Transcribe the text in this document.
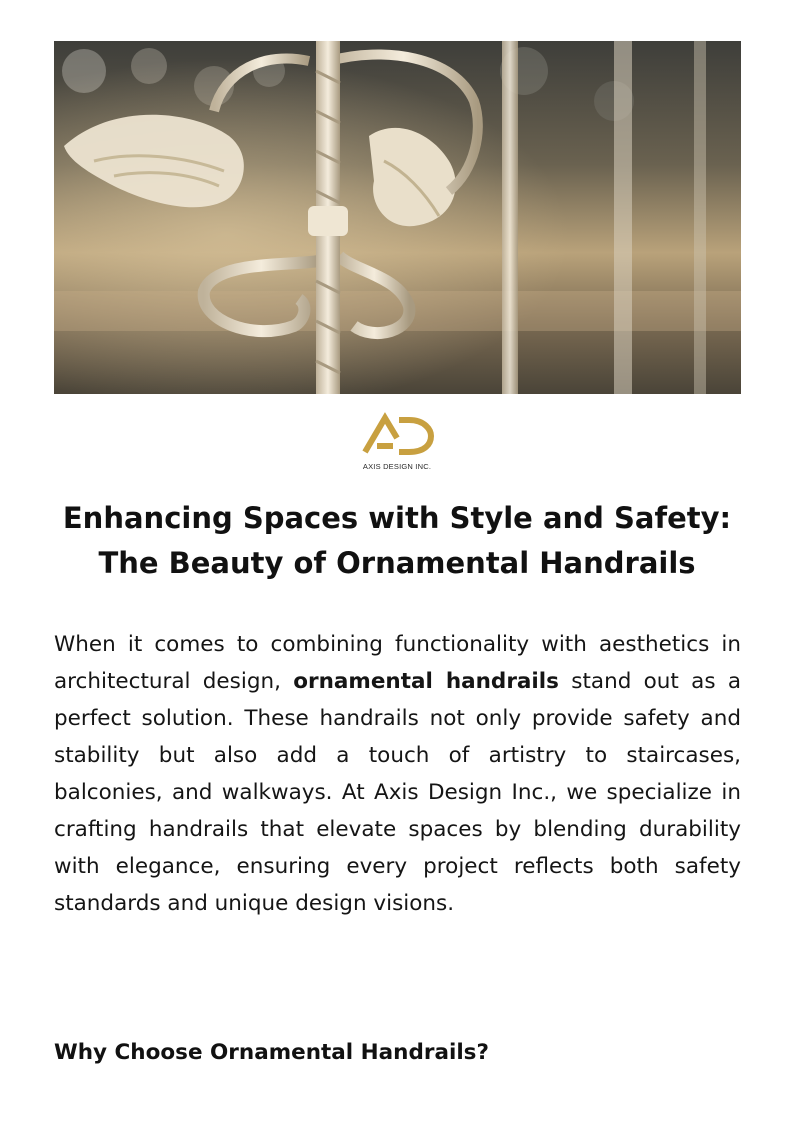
AXIS DESIGN INC.
Enhancing Spaces with Style and Safety:
The Beauty of Ornamental Handrails

When it comes to combining functionality with aesthetics in architectural design, ornamental handrails stand out as a perfect solution. These handrails not only provide safety and stability but also add a touch of artistry to staircases, balconies, and walkways. At Axis Design Inc., we specialize in crafting handrails that elevate spaces by blending durability with elegance, ensuring every project reflects both safety standards and unique design visions.

Why Choose Ornamental Handrails?
